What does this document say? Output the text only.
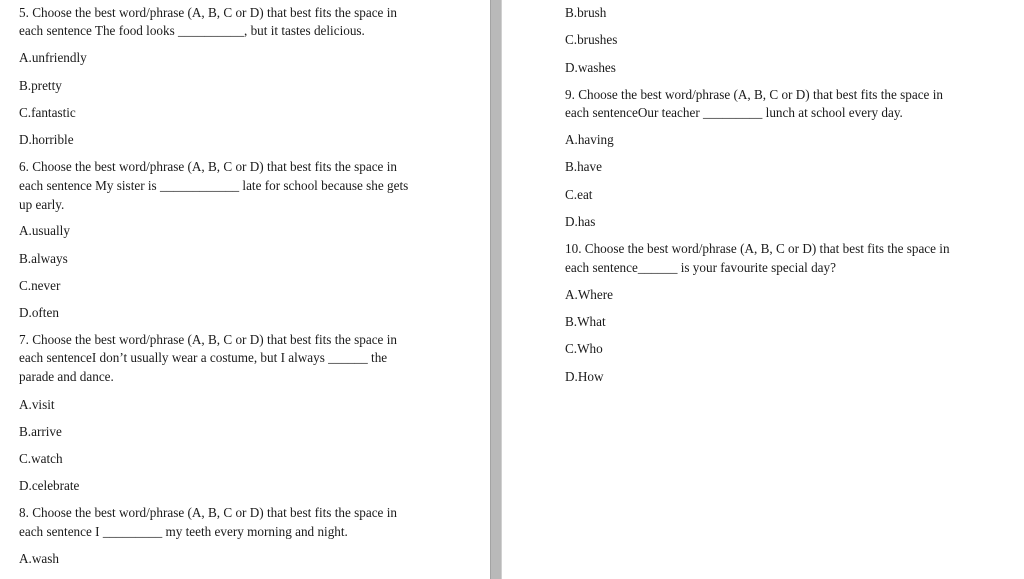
5. Choose the best word/phrase (A, B, C or D) that best fits the space in
each sentence The food looks __________, but it tastes delicious.
A.unfriendly
B.pretty
C.fantastic
D.horrible
6. Choose the best word/phrase (A, B, C or D) that best fits the space in
each sentence My sister is ____________ late for school because she gets
up early.
A.usually
B.always
C.never
D.often
7. Choose the best word/phrase (A, B, C or D) that best fits the space in
each sentenceI don’t usually wear a costume, but I always ______ the
parade and dance.
A.visit
B.arrive
C.watch
D.celebrate
8. Choose the best word/phrase (A, B, C or D) that best fits the space in
each sentence I _________ my teeth every morning and night.
A.wash
B.brush
C.brushes
D.washes
9. Choose the best word/phrase (A, B, C or D) that best fits the space in
each sentenceOur teacher _________ lunch at school every day.
A.having
B.have
C.eat
D.has
10. Choose the best word/phrase (A, B, C or D) that best fits the space in
each sentence______ is your favourite special day?
A.Where
B.What
C.Who
D.How
